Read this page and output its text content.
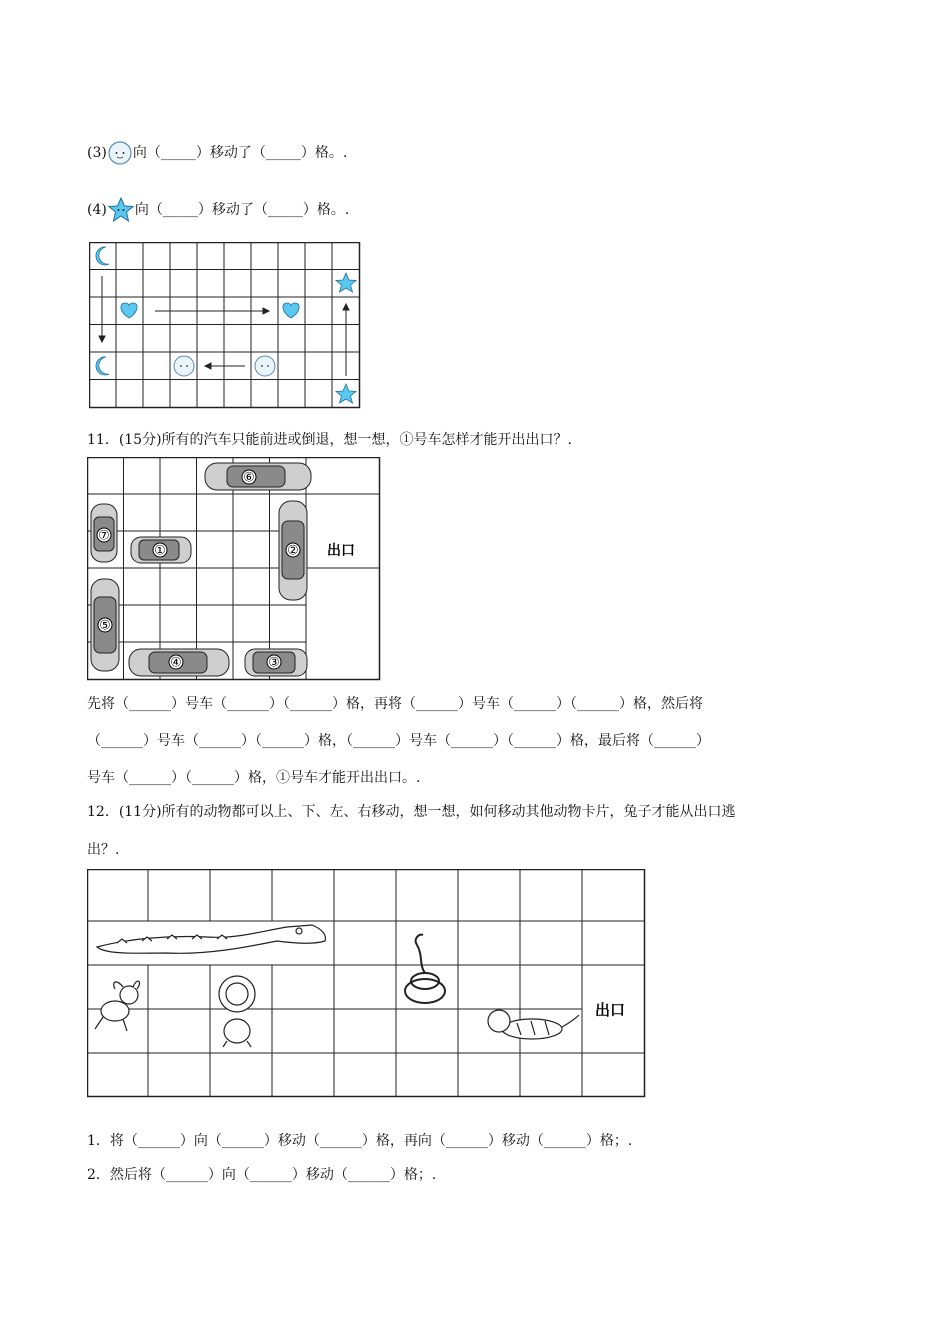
(3) 向（_____）移动了（_____）格。.
(4) 向（_____）移动了（_____）格。.
11．(15分)所有的汽车只能前进或倒退，想一想，①号车怎样才能开出出口？.
⑥
⑦
①	②
⑤
④	③
出口
先将（______）号车（______）（______）格，再将（______）号车（______）（______）格，然后将
（______）号车（______）（______）格，（______）号车（______）（______）格，最后将（______）
号车（______）（______）格，①号车才能开出出口。.
12．(11分)所有的动物都可以上、下、左、右移动，想一想，如何移动其他动物卡片，兔子才能从出口逃
出？.
出口
1．将（______）向（______）移动（______）格，再向（______）移动（______）格；.
2．然后将（______）向（______）移动（______）格；.
